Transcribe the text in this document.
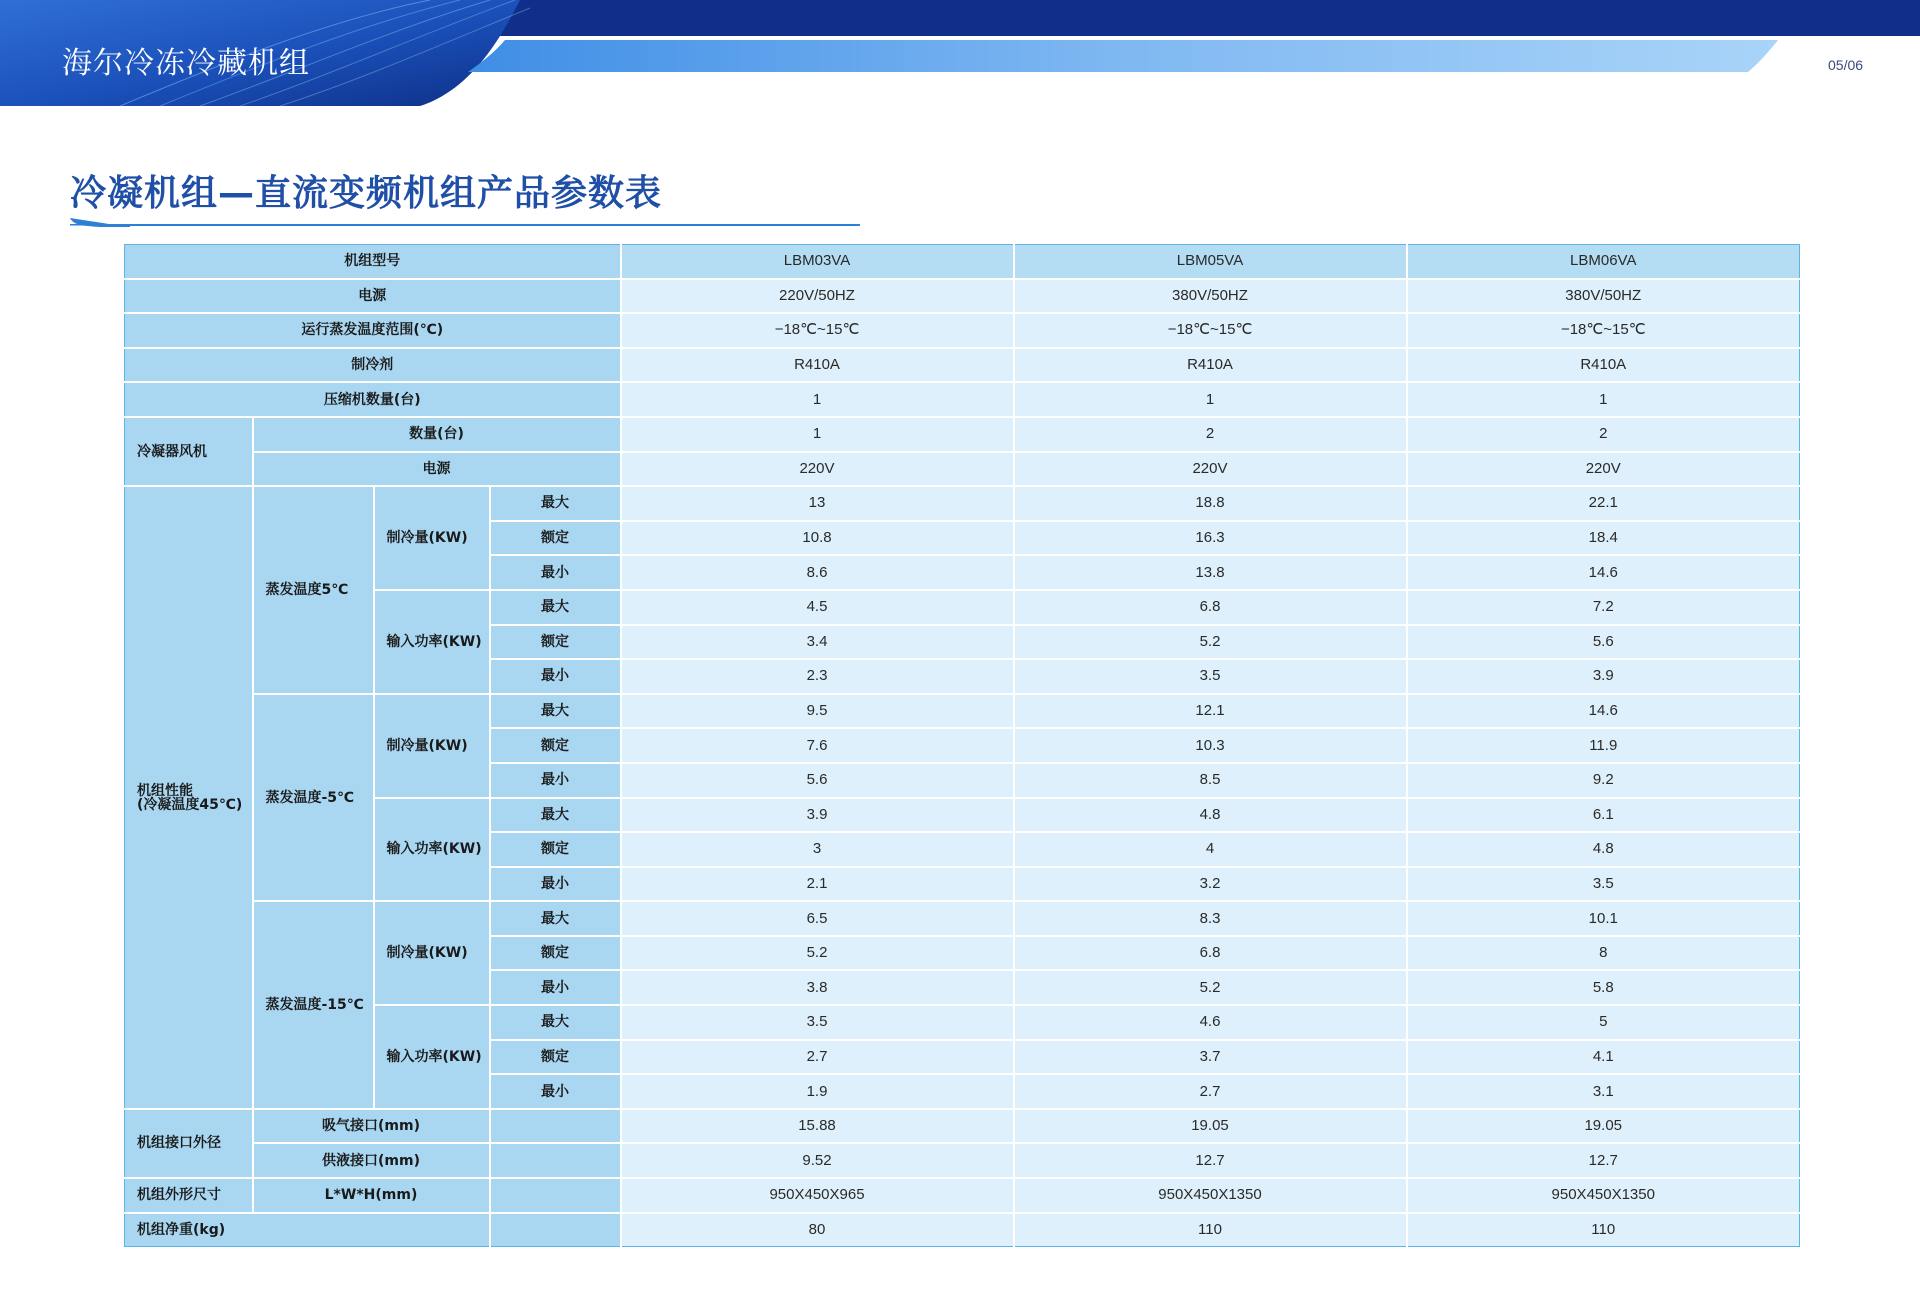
海尔冷冻冷藏机组	05/06
冷凝机组—直流变频机组产品参数表
机组型号				LBM03VA	LBM05VA	LBM06VA
电源				220V/50HZ	380V/50HZ	380V/50HZ
运行蒸发温度范围(℃)				−18℃~15℃	−18℃~15℃	−18℃~15℃
制冷剂				R410A	R410A	R410A
压缩机数量(台)				1	1	1
冷凝器风机	数量(台)			1	2	2
	电源			220V	220V	220V
机组性能
(冷凝温度45℃)	蒸发温度5℃	制冷量(KW)	最大	13	18.8	22.1
			额定	10.8	16.3	18.4
			最小	8.6	13.8	14.6
		输入功率(KW)	最大	4.5	6.8	7.2
			额定	3.4	5.2	5.6
			最小	2.3	3.5	3.9
	蒸发温度-5℃	制冷量(KW)	最大	9.5	12.1	14.6
			额定	7.6	10.3	11.9
			最小	5.6	8.5	9.2
		输入功率(KW)	最大	3.9	4.8	6.1
			额定	3	4	4.8
			最小	2.1	3.2	3.5
	蒸发温度-15℃	制冷量(KW)	最大	6.5	8.3	10.1
			额定	5.2	6.8	8
			最小	3.8	5.2	5.8
		输入功率(KW)	最大	3.5	4.6	5
			额定	2.7	3.7	4.1
			最小	1.9	2.7	3.1
机组接口外径	吸气接口(mm)			15.88	19.05	19.05
	供液接口(mm)			9.52	12.7	12.7
机组外形尺寸	L*W*H(mm)			950X450X965	950X450X1350	950X450X1350
机组净重(kg)				80	110	110
